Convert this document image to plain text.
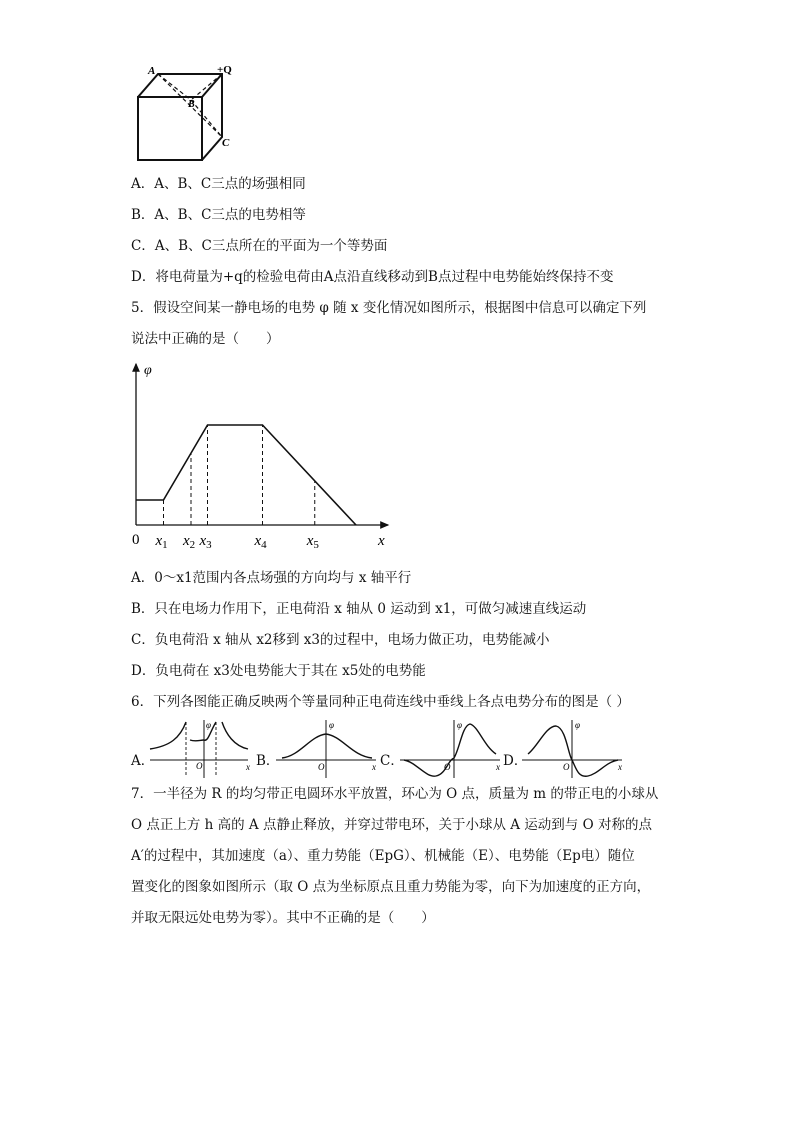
A	+Q
B
C
A．A、B、C三点的场强相同
B．A、B、C三点的电势相等
C．A、B、C三点所在的平面为一个等势面
D．将电荷量为+q的检验电荷由A点沿直线移动到B点过程中电势能始终保持不变
5．假设空间某一静电场的电势 φ 随 x 变化情况如图所示，根据图中信息可以确定下列
说法中正确的是（　　）
φ
x
0 $x_1$ $x_2$ $x_3$	$x_4$	$x_5$
A．0～x1范围内各点场强的方向均与 x 轴平行
B．只在电场力作用下，正电荷沿 x 轴从 0 运动到 x1，可做匀减速直线运动
C．负电荷沿 x 轴从 x2移到 x3的过程中，电场力做正功，电势能减小
D．负电荷在 x3处电势能大于其在 x5处的电势能
6．下列各图能正确反映两个等量同种正电荷连线中垂线上各点电势分布的图是（ ）
A．	B．	C．	D．
φ
O	x
φ
O	x
φ
O	x
φ
O	x
7．一半径为 R 的均匀带正电圆环水平放置，环心为 O 点，质量为 m 的带正电的小球从
O 点正上方 h 高的 A 点静止释放，并穿过带电环，关于小球从 A 运动到与 O 对称的点
A′的过程中，其加速度（a）、重力势能（EpG）、机械能（E）、电势能（Ep电）随位
置变化的图象如图所示（取 O 点为坐标原点且重力势能为零，向下为加速度的正方向，
并取无限远处电势为零）。其中不正确的是（　　）
